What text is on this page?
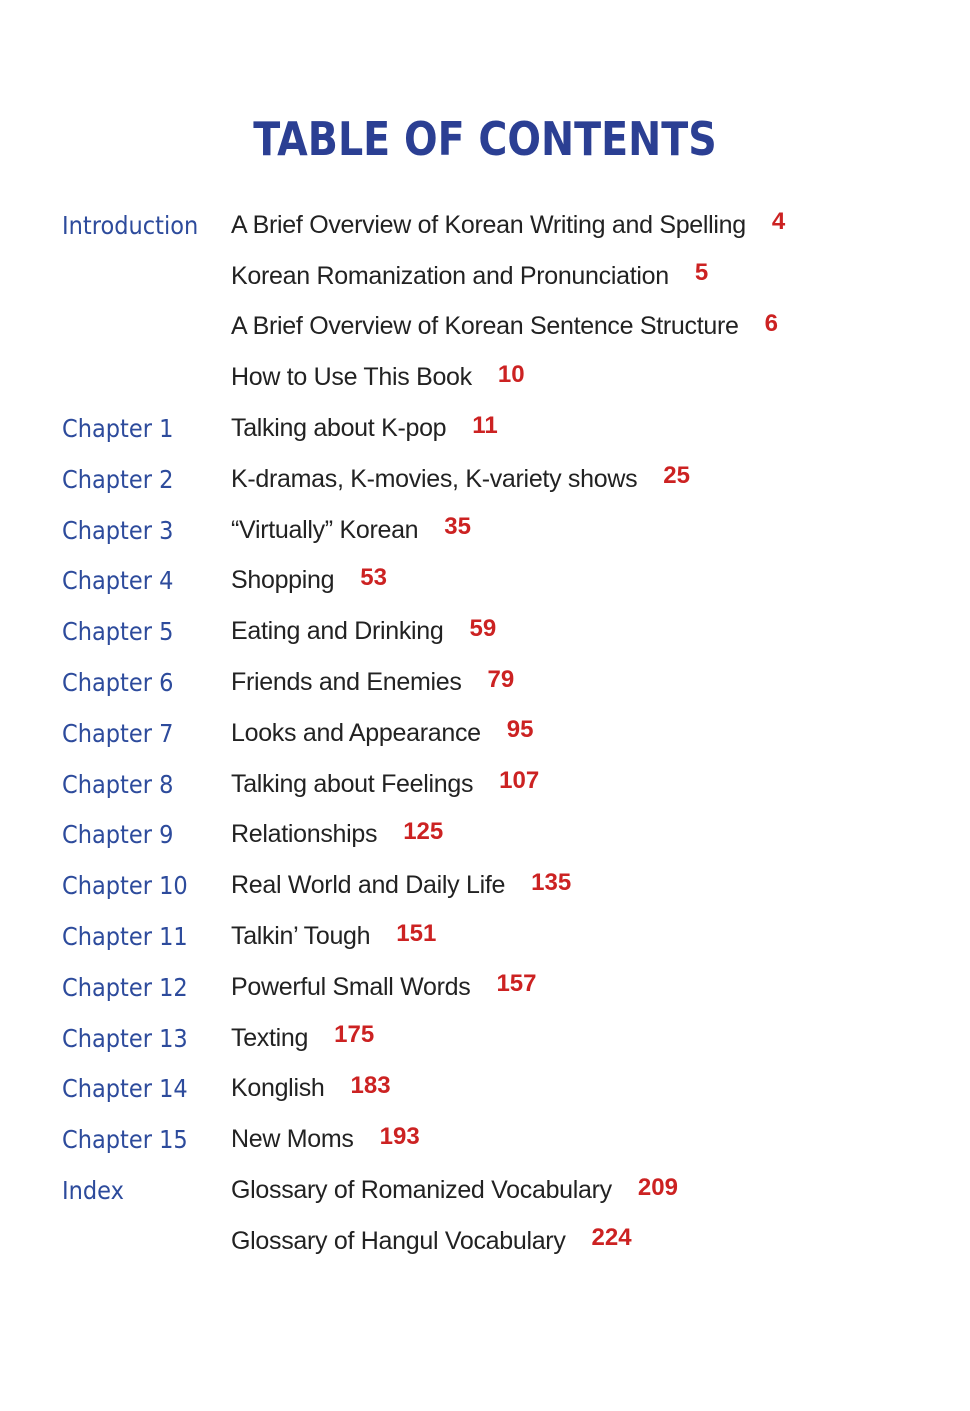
TABLE OF CONTENTS
Introduction	A Brief Overview of Korean Writing and Spelling 4
Korean Romanization and Pronunciation 5
A Brief Overview of Korean Sentence Structure 6
How to Use This Book 10
Chapter 1	Talking about K-pop 11
Chapter 2	K-dramas, K-movies, K-variety shows 25
Chapter 3	“Virtually” Korean 35
Chapter 4	Shopping 53
Chapter 5	Eating and Drinking 59
Chapter 6	Friends and Enemies 79
Chapter 7	Looks and Appearance 95
Chapter 8	Talking about Feelings 107
Chapter 9	Relationships 125
Chapter 10	Real World and Daily Life 135
Chapter 11	Talkin’ Tough 151
Chapter 12	Powerful Small Words 157
Chapter 13	Texting 175
Chapter 14	Konglish 183
Chapter 15	New Moms 193
Index	Glossary of Romanized Vocabulary 209
Glossary of Hangul Vocabulary 224
